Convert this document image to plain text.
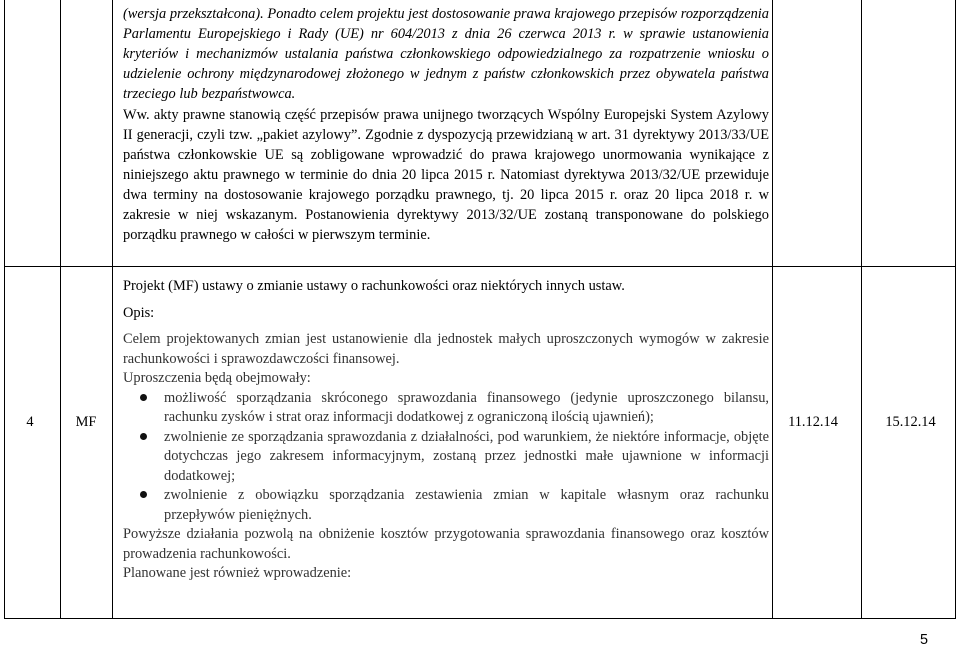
(wersja przekształcona). Ponadto celem projektu jest dostosowanie prawa krajowego przepisów rozporządzenia Parlamentu Europejskiego i Rady (UE) nr 604/2013 z dnia 26 czerwca 2013 r. w sprawie ustanowienia kryteriów i mechanizmów ustalania państwa członkowskiego odpowiedzialnego za rozpatrzenie wniosku o udzielenie ochrony międzynarodowej złożonego w jednym z państw członkowskich przez obywatela państwa trzeciego lub bezpaństwowca.
Ww. akty prawne stanowią część przepisów prawa unijnego tworzących Wspólny Europejski System Azylowy II generacji, czyli tzw. „pakiet azylowy”. Zgodnie z dyspozycją przewidzianą w art. 31 dyrektywy 2013/33/UE państwa członkowskie UE są zobligowane wprowadzić do prawa krajowego unormowania wynikające z niniejszego aktu prawnego w terminie do dnia 20 lipca 2015 r. Natomiast dyrektywa 2013/32/UE przewiduje dwa terminy na dostosowanie krajowego porządku prawnego, tj. 20 lipca 2015 r. oraz 20 lipca 2018 r. w zakresie w niej wskazanym. Postanowienia dyrektywy 2013/32/UE zostaną transponowane do polskiego porządku prawnego w całości w pierwszym terminie.
4	MF
Projekt (MF) ustawy o zmianie ustawy o rachunkowości oraz niektórych innych ustaw.
Opis:

Celem projektowanych zmian jest ustanowienie dla jednostek małych uproszczonych wymogów w zakresie rachunkowości i sprawozdawczości finansowej.

Uproszczenia będą obejmowały:

możliwość sporządzania skróconego sprawozdania finansowego (jedynie uproszczonego bilansu, rachunku zysków i strat oraz informacji dodatkowej z ograniczoną ilością ujawnień);
zwolnienie ze sporządzania sprawozdania z działalności, pod warunkiem, że niektóre informacje, objęte dotychczas jego zakresem informacyjnym, zostaną przez jednostki małe ujawnione w informacji dodatkowej;
zwolnienie z obowiązku sporządzania zestawienia zmian w kapitale własnym oraz rachunku przepływów pieniężnych.

Powyższe działania pozwolą na obniżenie kosztów przygotowania sprawozdania finansowego oraz kosztów prowadzenia rachunkowości.

Planowane jest również wprowadzenie:

11.12.14	15.12.14
5
